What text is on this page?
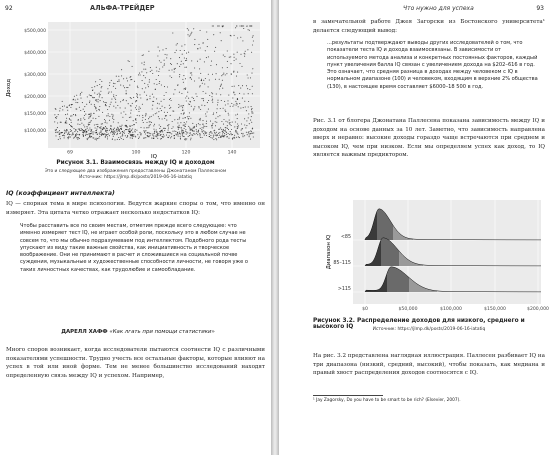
92	АЛЬФА-ТРЕЙДЕР
$500,000
$400,000
$300,000
$200,000
$150,000
$100,000
69	100	120	140
Доход
IQ
Рисунок 3.1. Взаимосвязь между IQ и доходом
Это и следующее два изображения предоставлены Джонатаном Паллесоном
Источник: https://jlmp.dk/posts/2019-06-16-iatatiq
IQ (коэффициент интеллекта)
IQ — спорная тема в мире психологии. Ведутся жаркие споры о том, что именно он измеряет. Эта цитата четко отражает несколько недостатков IQ:
Чтобы расставить все по своим местам, отметим прежде всего следующее: что именно измеряет тест IQ, не играет особой роли, поскольку это в любом случае не совсем то, что мы обычно подразумеваем под интеллектом. Подобного рода тесты упускают из виду такие важные свойства, как инициативность и творческое воображение. Они не принимают в расчет и сложившиеся на социальной почве суждения, музыкальные и художественные способности личности, не говоря уже о таких личностных качествах, как трудолюбие и самообладание.
ДАРЕЛЛ ХАФФ «Как лгать при помощи статистики»
Много споров возникает, когда исследователи пытаются соотнести IQ с различными показателями успешности. Трудно учесть все остальные факторы, которые влияют на успех в той или иной форме. Тем не менее большинство исследований находят определенную связь между IQ и успехом. Например,
Что нужно для успеха	93
в замечательной работе Джея Загорски из Бостонского университета¹ делается следующий вывод:
...результаты подтверждают выводы других исследователей о том, что показатели теста IQ и дохода взаимосвязаны. В зависимости от используемого метода анализа и конкретных постоянных факторов, каждый пункт увеличения балла IQ связан с увеличением дохода на $202–616 в год. Это означает, что средняя разница в доходах между человеком с IQ в нормальном диапазоне (100) и человеком, входящим в верхние 2% общества (130), в настоящее время составляет $6000–18 500 в год.
Рис. 3.1 от блогера Джонатана Паллесена показана зависимость между IQ и доходом на основе данных за 10 лет. Заметно, что зависимость направлена вверх и неравно: высокие доходы гораздо чаще встречаются при среднем и высоком IQ, чем при низком. Если мы определяем успех как доход, то IQ является важным предиктором.
<85
85–115
>115
$0	$50,000	$100,000	$150,000	$200,000
Диапазон IQ
Рисунок 3.2. Распределение доходов для низкого, среднего и высокого IQ	Источник: https://jlmp.dk/posts/2019-06-16-iatatiq
На рис. 3.2 представлена наглядная иллюстрация. Паллесен разбивает IQ на три диапазона (низкий, средний, высокий), чтобы показать, как медиана и правый хвост распределения доходов соотносятся с IQ.
¹ Jay Zagorsky, Do you have to be smart to be rich? (Elsevier, 2007).
